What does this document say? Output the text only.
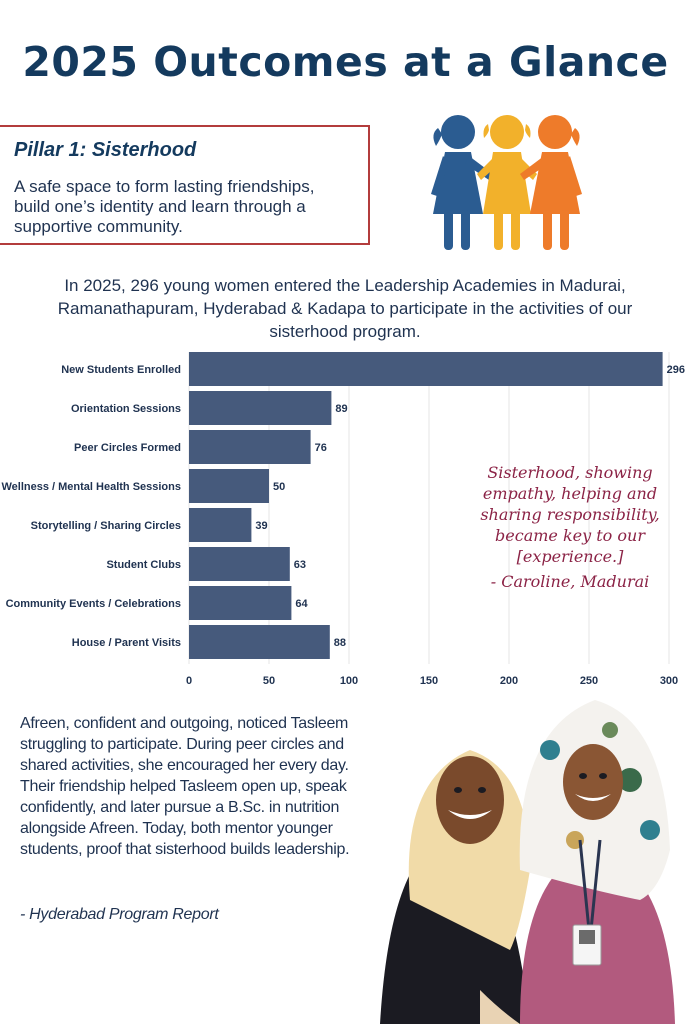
2025 Outcomes at a Glance
Pillar 1: Sisterhood
A safe space to form lasting friendships, build one’s identity and learn through a supportive community.
In 2025, 296 young women entered the Leadership Academies in Madurai, Ramanathapuram, Hyderabad & Kadapa to participate in the activities of our sisterhood program.
New Students Enrolled
Orientation Sessions
Peer Circles Formed
Wellness / Mental Health Sessions
Storytelling / Sharing Circles
Student Clubs
Community Events / Celebrations
House / Parent Visits
296
89
76
50
39
63
64
88
0	50	100	150	200	250	300
Sisterhood, showing empathy, helping and sharing responsibility, became key to our [experience.]
- Caroline, Madurai
Afreen, confident and outgoing, noticed Tasleem struggling to participate. During peer circles and shared activities, she encouraged her every day. Their friendship helped Tasleem open up, speak confidently, and later pursue a B.Sc. in nutrition alongside Afreen. Today, both mentor younger students, proof that sisterhood builds leadership.
- Hyderabad Program Report
